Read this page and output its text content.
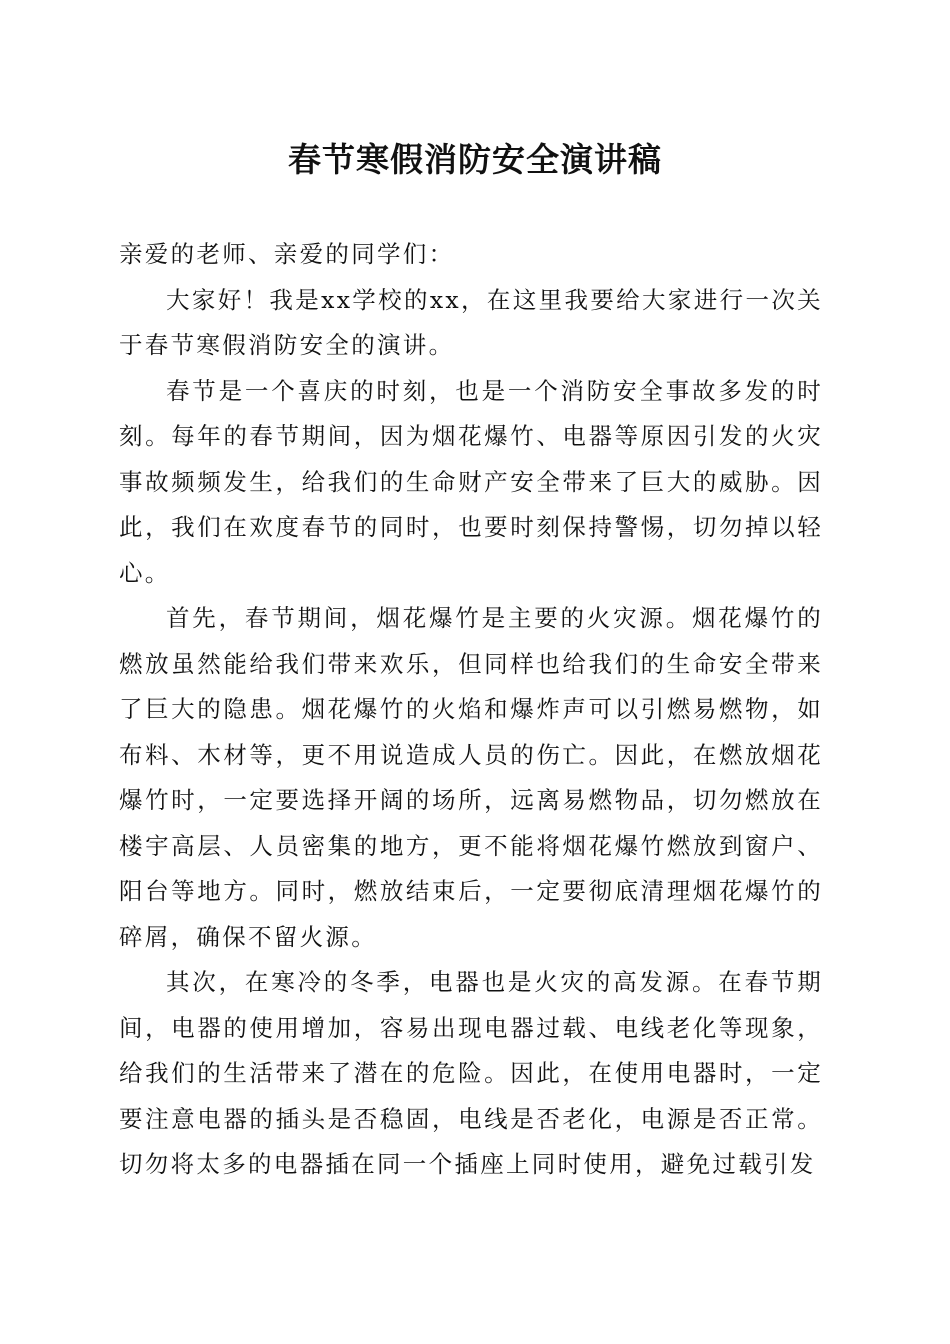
春节寒假消防安全演讲稿

亲爱的老师、亲爱的同学们：

大家好！我是xx学校的xx，在这里我要给大家进行一次关于春节寒假消防安全的演讲。

春节是一个喜庆的时刻，也是一个消防安全事故多发的时刻。每年的春节期间，因为烟花爆竹、电器等原因引发的火灾事故频频发生，给我们的生命财产安全带来了巨大的威胁。因此，我们在欢度春节的同时，也要时刻保持警惕，切勿掉以轻心。

首先，春节期间，烟花爆竹是主要的火灾源。烟花爆竹的燃放虽然能给我们带来欢乐，但同样也给我们的生命安全带来了巨大的隐患。烟花爆竹的火焰和爆炸声可以引燃易燃物，如布料、木材等，更不用说造成人员的伤亡。因此，在燃放烟花爆竹时，一定要选择开阔的场所，远离易燃物品，切勿燃放在楼宇高层、人员密集的地方，更不能将烟花爆竹燃放到窗户、阳台等地方。同时，燃放结束后，一定要彻底清理烟花爆竹的碎屑，确保不留火源。

其次，在寒冷的冬季，电器也是火灾的高发源。在春节期间，电器的使用增加，容易出现电器过载、电线老化等现象，给我们的生活带来了潜在的危险。因此，在使用电器时，一定要注意电器的插头是否稳固，电线是否老化，电源是否正常。切勿将太多的电器插在同一个插座上同时使用，避免过载引发
